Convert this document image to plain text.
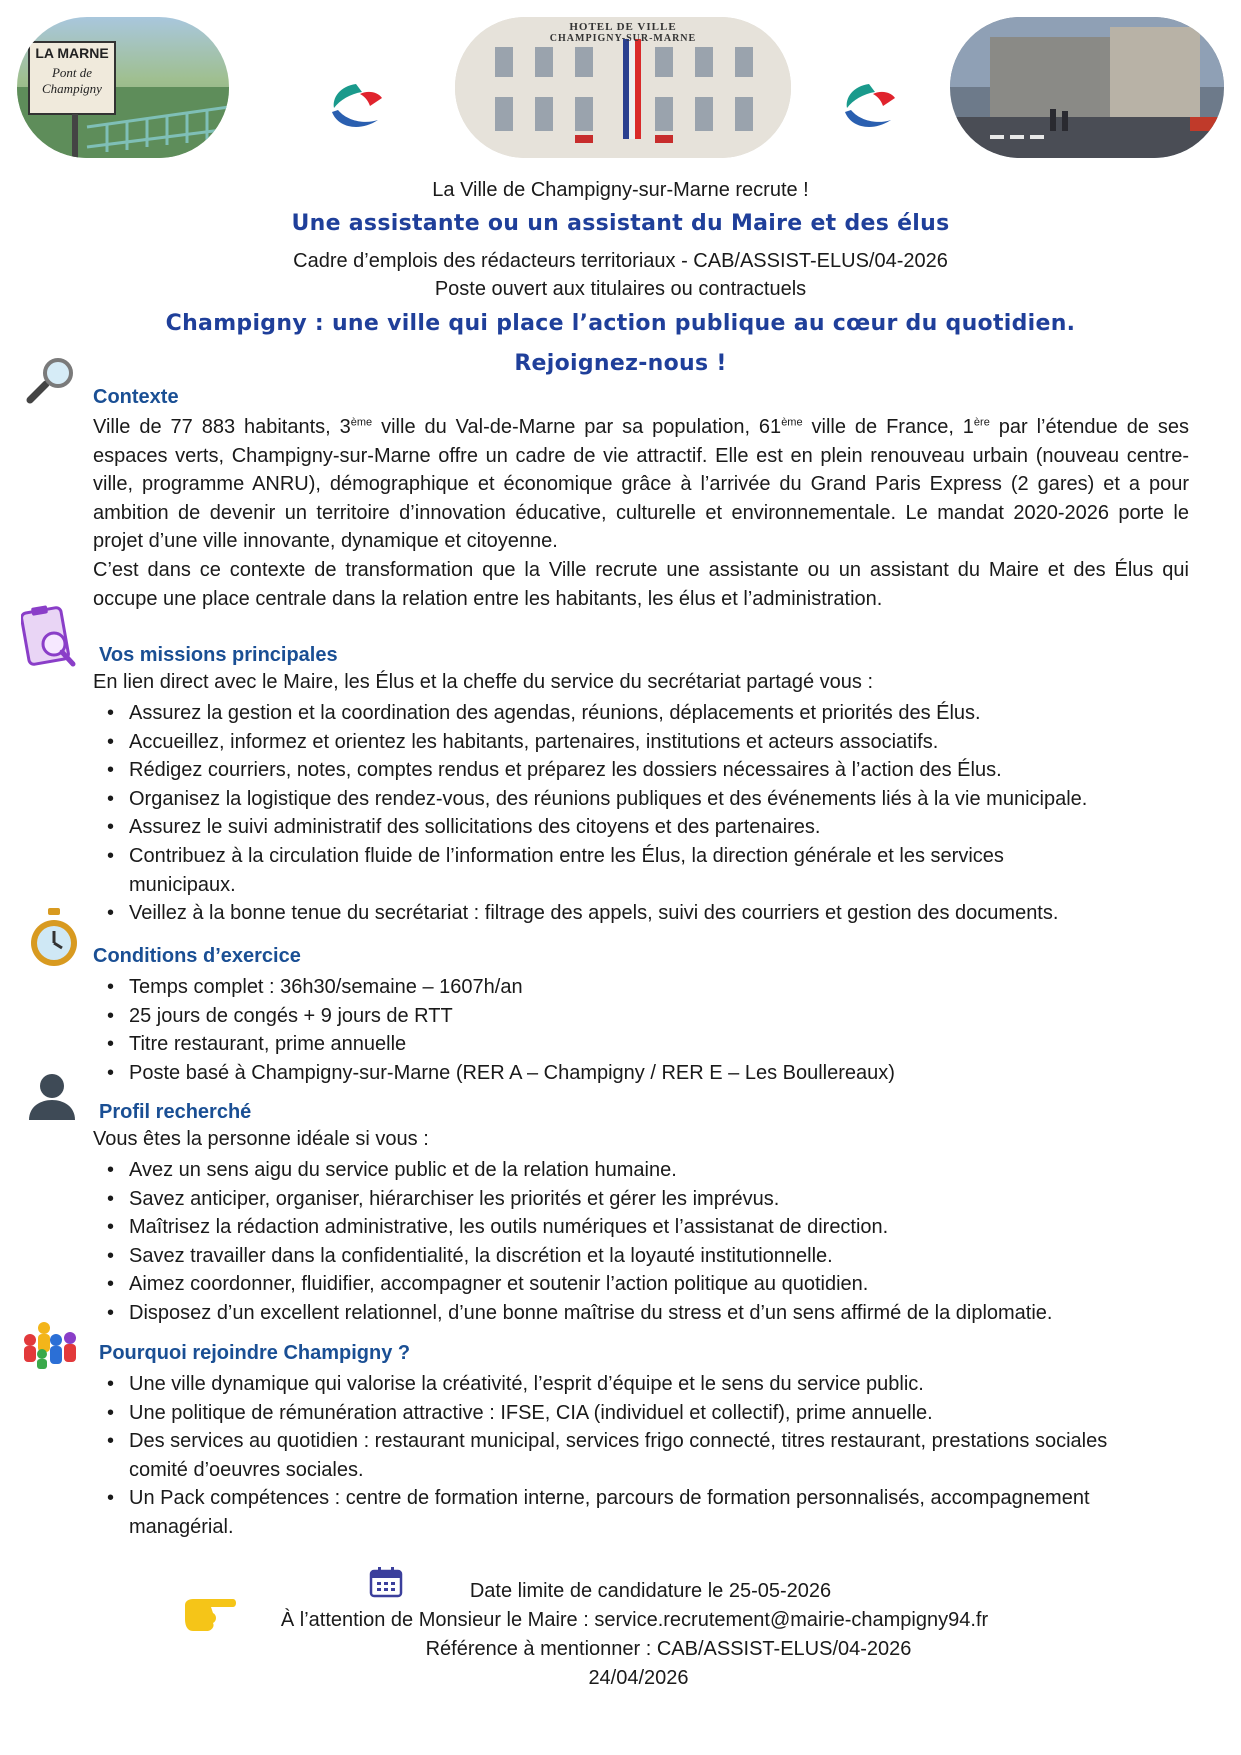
LA MARNE
Pont de
Champigny
HOTEL DE VILLE
CHAMPIGNY-SUR-MARNE
La Ville de Champigny-sur-Marne recrute !
Une assistante ou un assistant du Maire et des élus
Cadre d’emplois des rédacteurs territoriaux - CAB/ASSIST-ELUS/04-2026
Poste ouvert aux titulaires ou contractuels
Champigny : une ville qui place l’action publique au cœur du quotidien.
Rejoignez-nous !
Contexte
Ville de 77 883 habitants, 3ème ville du Val-de-Marne par sa population, 61ème ville de France, 1ère par l’étendue de ses espaces verts, Champigny-sur-Marne offre un cadre de vie attractif. Elle est en plein renouveau urbain (nouveau centre-ville, programme ANRU), démographique et économique grâce à l’arrivée du Grand Paris Express (2 gares) et a pour ambition de devenir un territoire d’innovation éducative, culturelle et environnementale. Le mandat 2020-2026 porte le projet d’une ville innovante, dynamique et citoyenne.
C’est dans ce contexte de transformation que la Ville recrute une assistante ou un assistant du Maire et des Élus qui occupe une place centrale dans la relation entre les habitants, les élus et l’administration.
Vos missions principales
En lien direct avec le Maire, les Élus et la cheffe du service du secrétariat partagé vous :
• Assurez la gestion et la coordination des agendas, réunions, déplacements et priorités des Élus.
• Accueillez, informez et orientez les habitants, partenaires, institutions et acteurs associatifs.
• Rédigez courriers, notes, comptes rendus et préparez les dossiers nécessaires à l’action des Élus.
• Organisez la logistique des rendez-vous, des réunions publiques et des événements liés à la vie municipale.
• Assurez le suivi administratif des sollicitations des citoyens et des partenaires.
• Contribuez à la circulation fluide de l’information entre les Élus, la direction générale et les services municipaux.
• Veillez à la bonne tenue du secrétariat : filtrage des appels, suivi des courriers et gestion des documents.
Conditions d’exercice
• Temps complet : 36h30/semaine – 1607h/an
• 25 jours de congés + 9 jours de RTT
• Titre restaurant, prime annuelle
• Poste basé à Champigny-sur-Marne (RER A – Champigny / RER E – Les Boullereaux)
Profil recherché
Vous êtes la personne idéale si vous :
• Avez un sens aigu du service public et de la relation humaine.
• Savez anticiper, organiser, hiérarchiser les priorités et gérer les imprévus.
• Maîtrisez la rédaction administrative, les outils numériques et l’assistanat de direction.
• Savez travailler dans la confidentialité, la discrétion et la loyauté institutionnelle.
• Aimez coordonner, fluidifier, accompagner et soutenir l’action politique au quotidien.
• Disposez d’un excellent relationnel, d’une bonne maîtrise du stress et d’un sens affirmé de la diplomatie.
Pourquoi rejoindre Champigny ?
• Une ville dynamique qui valorise la créativité, l’esprit d’équipe et le sens du service public.
• Une politique de rémunération attractive : IFSE, CIA (individuel et collectif), prime annuelle.
• Des services au quotidien : restaurant municipal, services frigo connecté, titres restaurant, prestations sociales comité d’oeuvres sociales.
• Un Pack compétences : centre de formation interne, parcours de formation personnalisés, accompagnement managérial.
Date limite de candidature le 25-05-2026
À l’attention de Monsieur le Maire : service.recrutement@mairie-champigny94.fr
Référence à mentionner : CAB/ASSIST-ELUS/04-2026
24/04/2026
